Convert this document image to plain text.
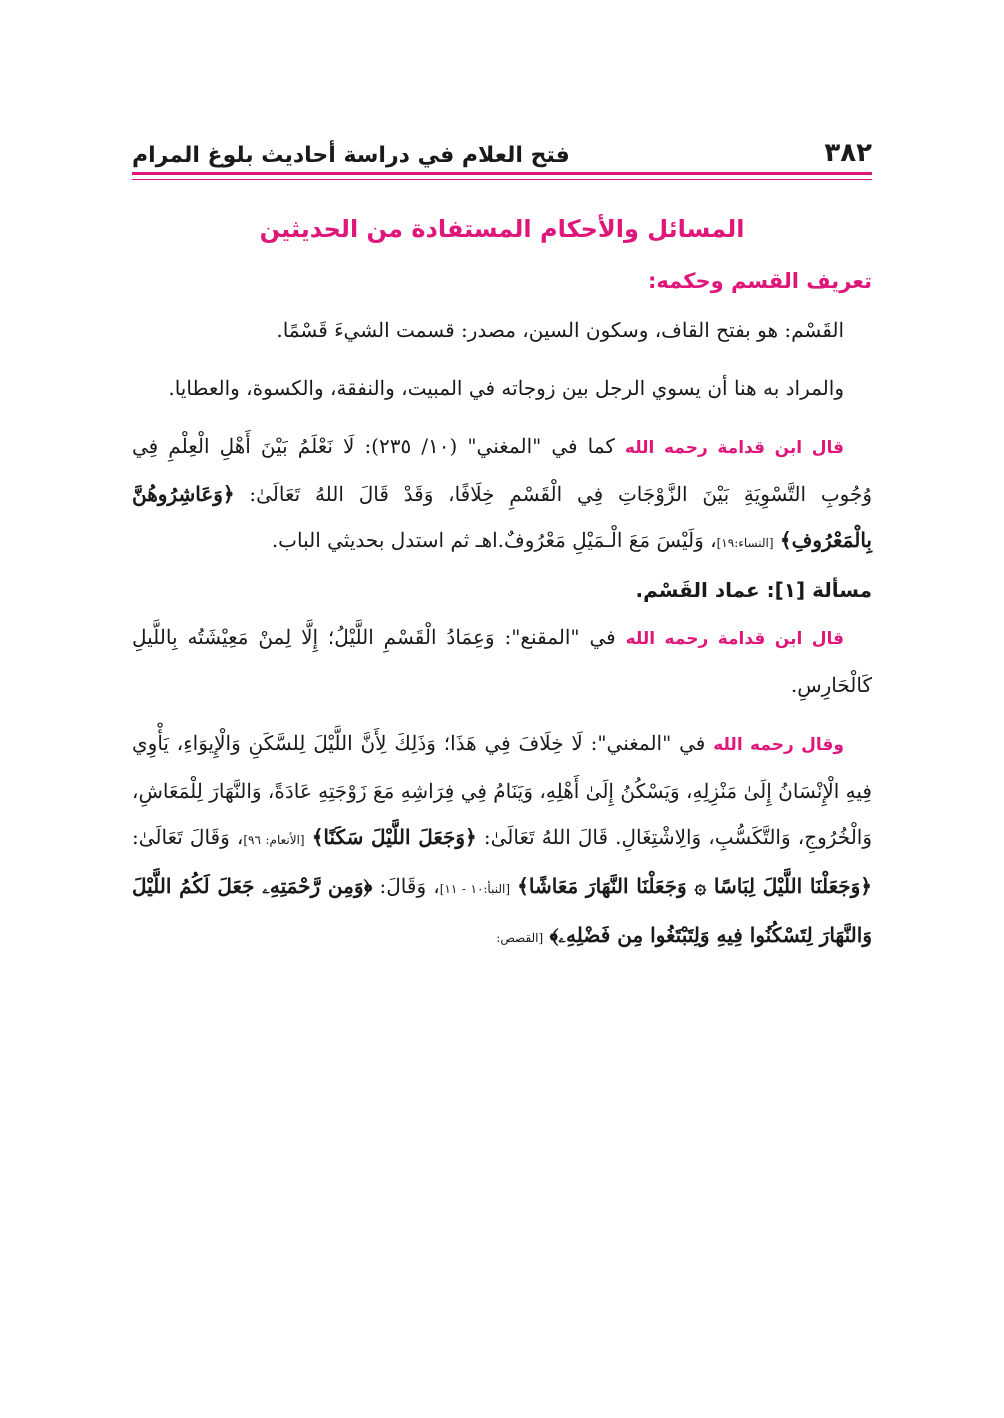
٣٨٢
فتح العلام في دراسة أحاديث بلوغ المرام
المسائل والأحكام المستفادة من الحديثين
تعريف القسم وحكمه:

القَسْم: هو بفتح القاف، وسكون السين، مصدر: قسمت الشيءَ قَسْمًا.

والمراد به هنا أن يسوي الرجل بين زوجاته في المبيت، والنفقة، والكسوة، والعطايا.

قال ابن قدامة رحمه الله كما في "المغني" (١٠/ ٢٣٥): لَا نَعْلَمُ بَيْنَ أَهْلِ الْعِلْمِ فِي وُجُوبِ التَّسْوِيَةِ بَيْنَ الزَّوْجَاتِ فِي الْقَسْمِ خِلَافًا، وَقَدْ قَالَ اللهُ تَعَالَىٰ: ﴿وَعَاشِرُوهُنَّ بِالْمَعْرُوفِ﴾ [النساء:١٩]، وَلَيْسَ مَعَ الْـمَيْلِ مَعْرُوفٌ.اهـ ثم استدل بحديثي الباب.

مسألة [١]: عماد القَسْم.

قال ابن قدامة رحمه الله في "المقنع": وَعِمَادُ الْقَسْمِ اللَّيْلُ؛ إِلَّا لِمنْ مَعِيْشَتُه بِاللَّيلِ كَالْحَارِسِ.

وقال رحمه الله في "المغني": لَا خِلَافَ فِي هَذَا؛ وَذَلِكَ لِأَنَّ اللَّيْلَ لِلسَّكَنِ وَالْإِيوَاءِ، يَأْوِي فِيهِ الْإِنْسَانُ إِلَىٰ مَنْزِلِهِ، وَيَسْكُنُ إِلَىٰ أَهْلِهِ، وَيَنَامُ فِي فِرَاشِهِ مَعَ زَوْجَتِهِ عَادَةً، وَالنَّهَارَ لِلْمَعَاشِ، وَالْخُرُوجِ، وَالتَّكَسُّبِ، وَالِاشْتِغَالِ. قَالَ اللهُ تَعَالَىٰ: ﴿وَجَعَلَ اللَّيْلَ سَكَنًا﴾ [الأنعام: ٩٦]، وَقَالَ تَعَالَىٰ: ﴿وَجَعَلْنَا اللَّيْلَ لِبَاسًا ۞ وَجَعَلْنَا النَّهَارَ مَعَاشًا﴾ [النبأ:١٠ - ١١]، وَقَالَ: ﴿وَمِن رَّحْمَتِهِۦ جَعَلَ لَكُمُ اللَّيْلَ وَالنَّهَارَ لِتَسْكُنُوا فِيهِ وَلِتَبْتَغُوا مِن فَضْلِهِۦ﴾ [القصص:
